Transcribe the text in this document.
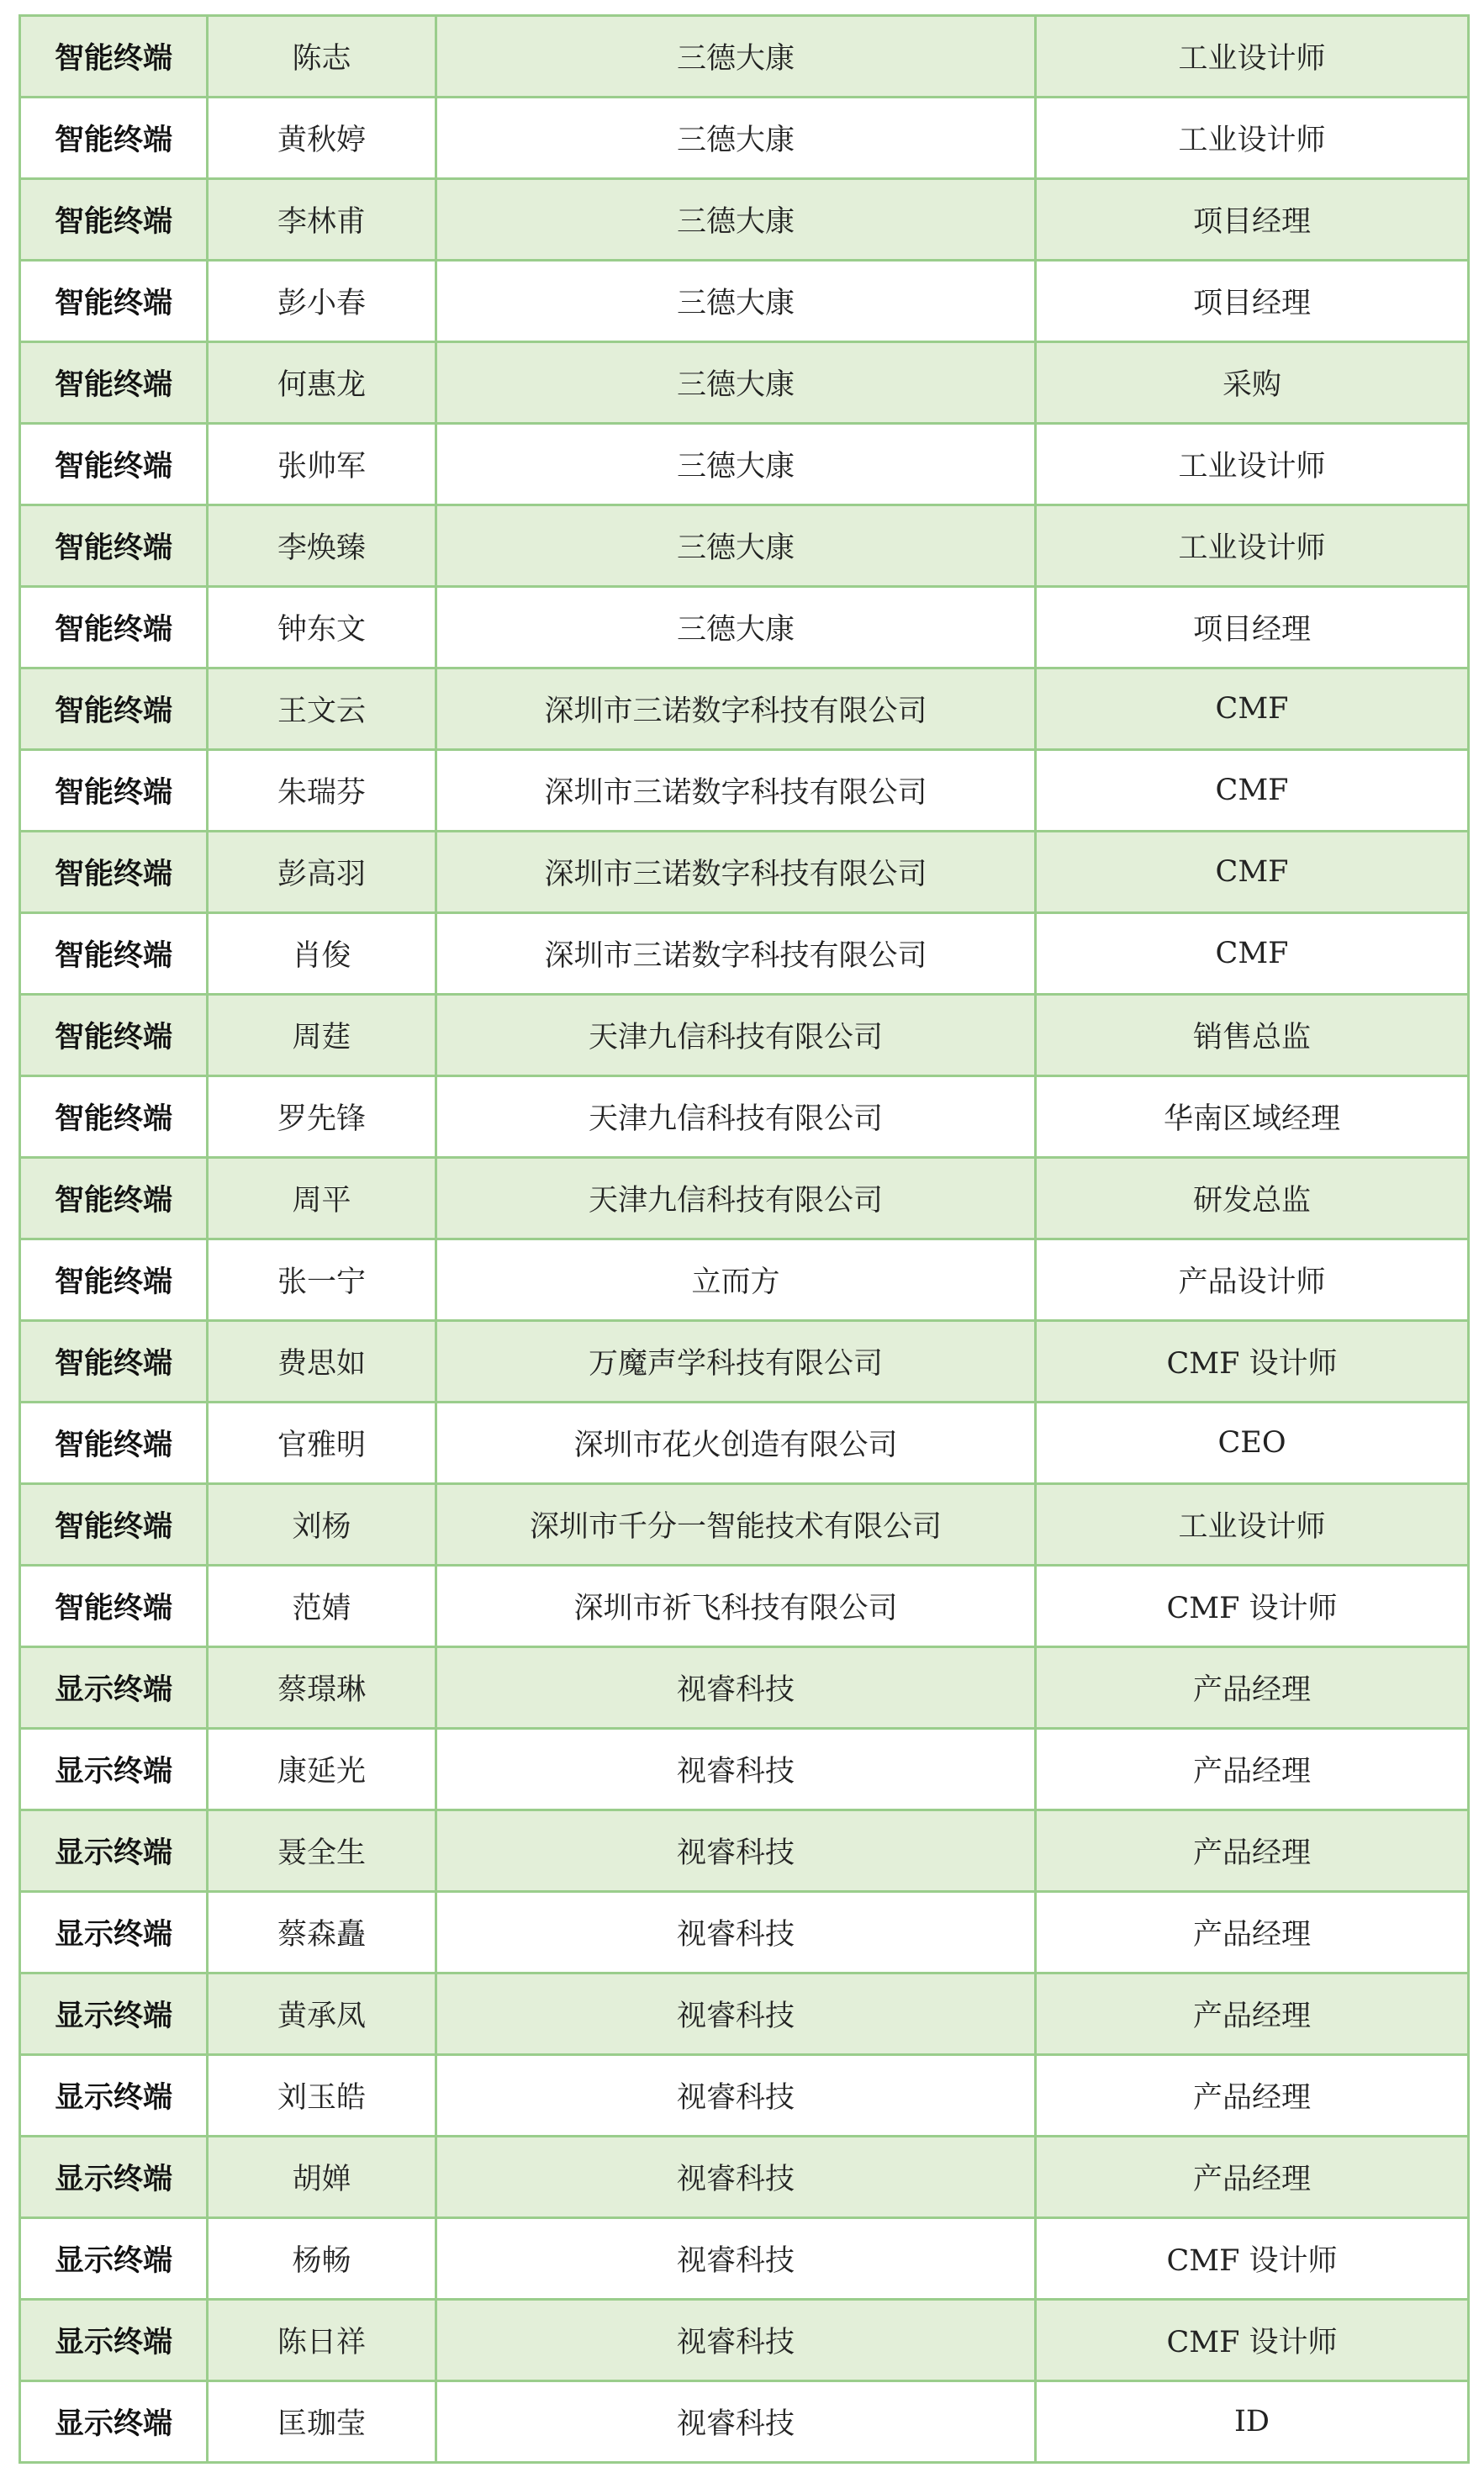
智能终端	陈志	三德大康	工业设计师
智能终端	黄秋婷	三德大康	工业设计师
智能终端	李林甫	三德大康	项目经理
智能终端	彭小春	三德大康	项目经理
智能终端	何惠龙	三德大康	采购
智能终端	张帅军	三德大康	工业设计师
智能终端	李焕臻	三德大康	工业设计师
智能终端	钟东文	三德大康	项目经理
智能终端	王文云	深圳市三诺数字科技有限公司	CMF
智能终端	朱瑞芬	深圳市三诺数字科技有限公司	CMF
智能终端	彭高羽	深圳市三诺数字科技有限公司	CMF
智能终端	肖俊	深圳市三诺数字科技有限公司	CMF
智能终端	周莛	天津九信科技有限公司	销售总监
智能终端	罗先锋	天津九信科技有限公司	华南区域经理
智能终端	周平	天津九信科技有限公司	研发总监
智能终端	张一宁	立而方	产品设计师
智能终端	费思如	万魔声学科技有限公司	CMF 设计师
智能终端	官雅明	深圳市花火创造有限公司	CEO
智能终端	刘杨	深圳市千分一智能技术有限公司	工业设计师
智能终端	范婧	深圳市祈飞科技有限公司	CMF 设计师
显示终端	蔡璟琳	视睿科技	产品经理
显示终端	康延光	视睿科技	产品经理
显示终端	聂全生	视睿科技	产品经理
显示终端	蔡森矗	视睿科技	产品经理
显示终端	黄承凤	视睿科技	产品经理
显示终端	刘玉皓	视睿科技	产品经理
显示终端	胡婵	视睿科技	产品经理
显示终端	杨畅	视睿科技	CMF 设计师
显示终端	陈日祥	视睿科技	CMF 设计师
显示终端	匡珈莹	视睿科技	ID
